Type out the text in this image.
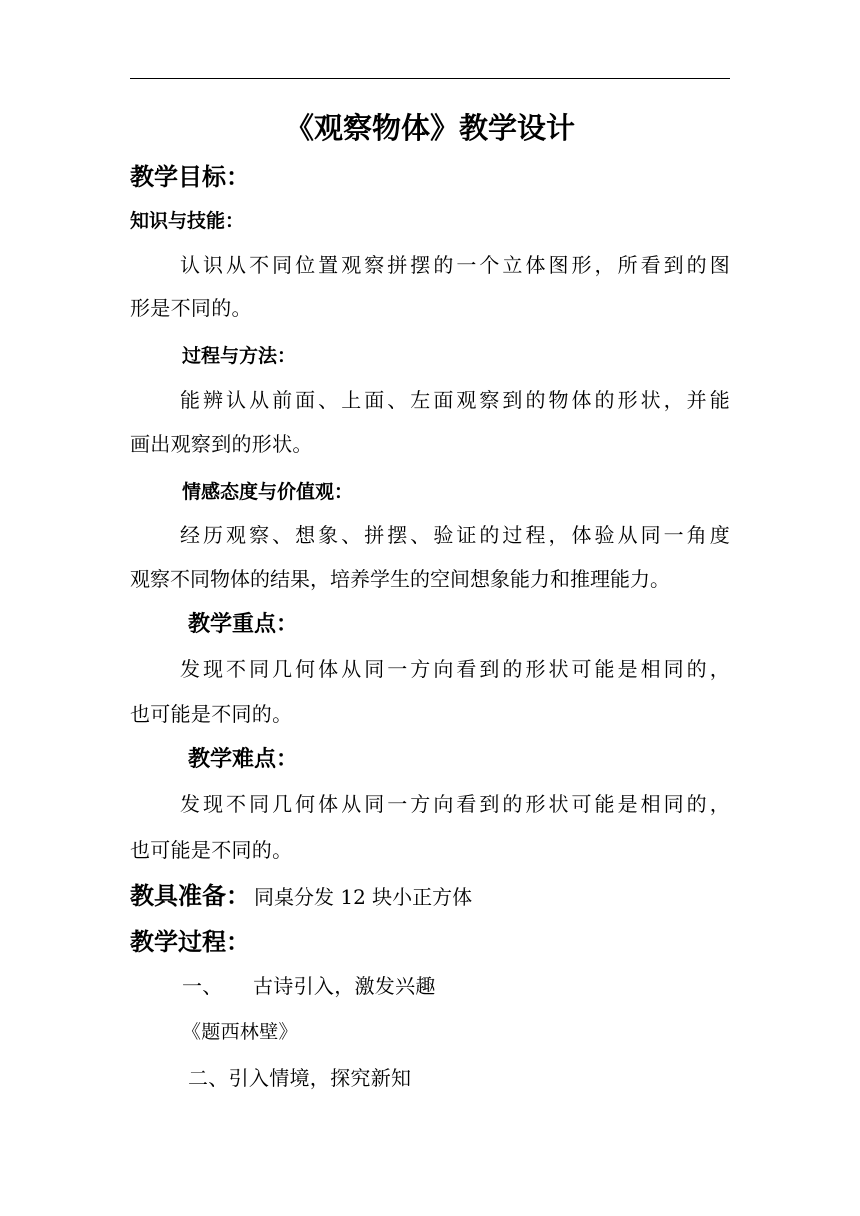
《观察物体》教学设计
教学目标：
知识与技能：
认识从不同位置观察拼摆的一个立体图形，所看到的图
形是不同的。
过程与方法：
能辨认从前面、上面、左面观察到的物体的形状，并能
画出观察到的形状。
情感态度与价值观：
经历观察、想象、拼摆、验证的过程，体验从同一角度
观察不同物体的结果，培养学生的空间想象能力和推理能力。
教学重点：
发现不同几何体从同一方向看到的形状可能是相同的，
也可能是不同的。
教学难点：
发现不同几何体从同一方向看到的形状可能是相同的，
也可能是不同的。
教具准备： 同桌分发 12 块小正方体
教学过程：
一、 古诗引入，激发兴趣
《题西林壁》
二、引入情境，探究新知
